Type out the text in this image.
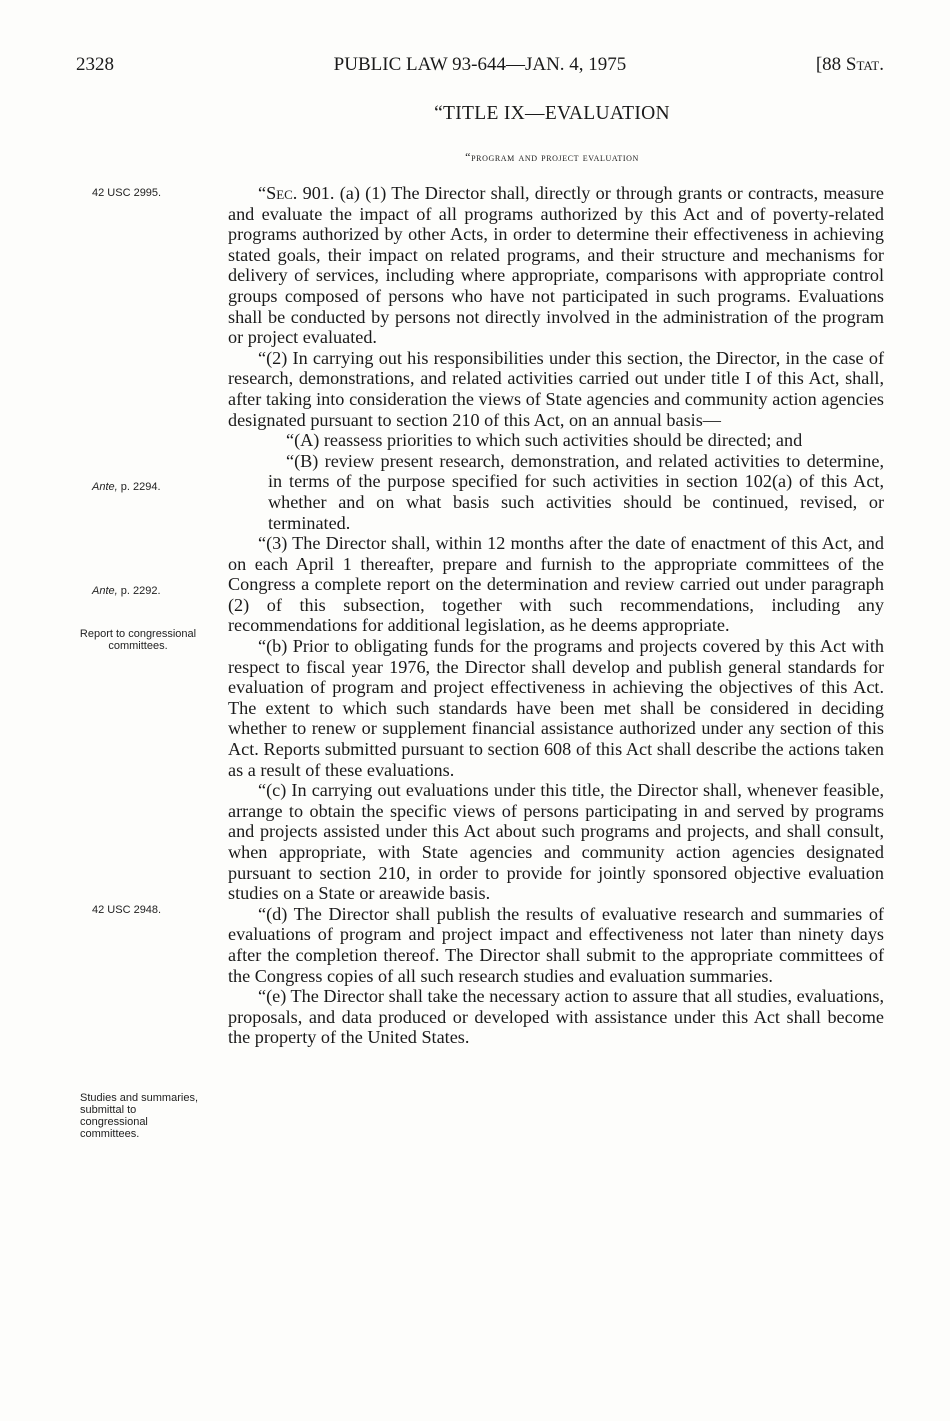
2328	PUBLIC LAW 93-644—JAN. 4, 1975	[88 Stat.
“TITLE IX—EVALUATION
“program and project evaluation
42 USC 2995.
Ante, p. 2294.
Ante, p. 2292.
Report to congressional committees.
42 USC 2948.
Studies and summaries, submittal to congressional committees.

“Sec. 901. (a) (1) The Director shall, directly or through grants or contracts, measure and evaluate the impact of all programs authorized by this Act and of poverty-related programs authorized by other Acts, in order to determine their effectiveness in achieving stated goals, their impact on related programs, and their structure and mechanisms for delivery of services, including where appropriate, comparisons with appropriate control groups composed of persons who have not participated in such programs. Evaluations shall be conducted by persons not directly involved in the administration of the program or project evaluated.

“(2) In carrying out his responsibilities under this section, the Director, in the case of research, demonstrations, and related activities carried out under title I of this Act, shall, after taking into consideration the views of State agencies and community action agencies designated pursuant to section 210 of this Act, on an annual basis—

“(A) reassess priorities to which such activities should be directed; and

“(B) review present research, demonstration, and related activities to determine, in terms of the purpose specified for such activities in section 102(a) of this Act, whether and on what basis such activities should be continued, revised, or terminated.

“(3) The Director shall, within 12 months after the date of enactment of this Act, and on each April 1 thereafter, prepare and furnish to the appropriate committees of the Congress a complete report on the determination and review carried out under paragraph (2) of this subsection, together with such recommendations, including any recommendations for additional legislation, as he deems appropriate.

“(b) Prior to obligating funds for the programs and projects covered by this Act with respect to fiscal year 1976, the Director shall develop and publish general standards for evaluation of program and project effectiveness in achieving the objectives of this Act. The extent to which such standards have been met shall be considered in deciding whether to renew or supplement financial assistance authorized under any section of this Act. Reports submitted pursuant to section 608 of this Act shall describe the actions taken as a result of these evaluations.

“(c) In carrying out evaluations under this title, the Director shall, whenever feasible, arrange to obtain the specific views of persons participating in and served by programs and projects assisted under this Act about such programs and projects, and shall consult, when appropriate, with State agencies and community action agencies designated pursuant to section 210, in order to provide for jointly sponsored objective evaluation studies on a State or areawide basis.

“(d) The Director shall publish the results of evaluative research and summaries of evaluations of program and project impact and effectiveness not later than ninety days after the completion thereof. The Director shall submit to the appropriate committees of the Congress copies of all such research studies and evaluation summaries.

“(e) The Director shall take the necessary action to assure that all studies, evaluations, proposals, and data produced or developed with assistance under this Act shall become the property of the United States.
